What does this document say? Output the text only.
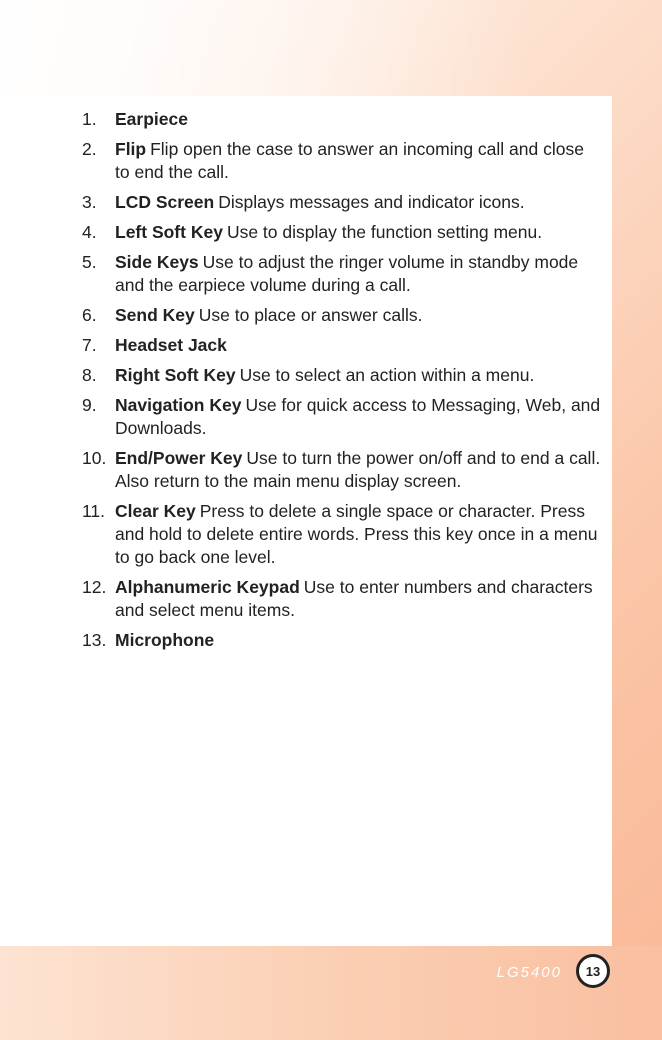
1.	Earpiece
2.	Flip Flip open the case to answer an incoming call and close to end the call.
3.	LCD Screen Displays messages and indicator icons.
4.	Left Soft Key Use to display the function setting menu.
5.	Side Keys Use to adjust the ringer volume in standby mode and the earpiece volume during a call.
6.	Send Key Use to place or answer calls.
7.	Headset Jack
8.	Right Soft Key Use to select an action within a menu.
9.	Navigation Key Use for quick access to Messaging, Web, and Downloads.
10. End/Power Key Use to turn the power on/off and to end a call. Also return to the main menu display screen.
11. Clear Key Press to delete a single space or character. Press and hold to delete entire words. Press this key once in a menu to go back one level.
12. Alphanumeric Keypad Use to enter numbers and characters and select menu items.
13. Microphone
LG5400 13
